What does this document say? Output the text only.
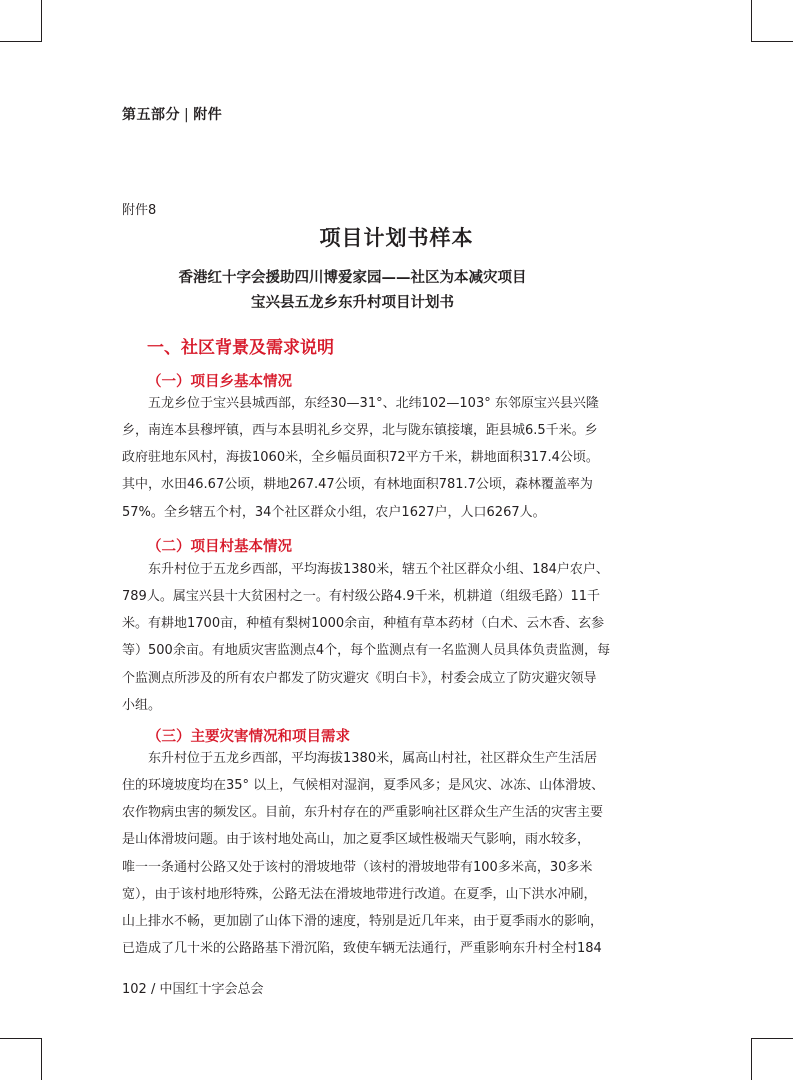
第五部分 | 附件
附件8
项目计划书样本
香港红十字会援助四川博爱家园——社区为本减灾项目
宝兴县五龙乡东升村项目计划书
一、社区背景及需求说明
（一）项目乡基本情况
　　五龙乡位于宝兴县城西部，东经30—31°、北纬102—103° 东邻原宝兴县兴隆
乡，南连本县穆坪镇，西与本县明礼乡交界，北与陇东镇接壤，距县城6.5千米。乡
政府驻地东风村，海拔1060米，全乡幅员面积72平方千米，耕地面积317.4公顷。
其中，水田46.67公顷，耕地267.47公顷，有林地面积781.7公顷，森林覆盖率为
57%。全乡辖五个村，34个社区群众小组，农户1627户，人口6267人。
（二）项目村基本情况
　　东升村位于五龙乡西部，平均海拔1380米，辖五个社区群众小组、184户农户、
789人。属宝兴县十大贫困村之一。有村级公路4.9千米，机耕道（组级毛路）11千
米。有耕地1700亩，种植有梨树1000余亩，种植有草本药材（白术、云木香、玄参
等）500余亩。有地质灾害监测点4个，每个监测点有一名监测人员具体负责监测，每
个监测点所涉及的所有农户都发了防灾避灾《明白卡》，村委会成立了防灾避灾领导
小组。
（三）主要灾害情况和项目需求
　　东升村位于五龙乡西部，平均海拔1380米，属高山村社，社区群众生产生活居
住的环境坡度均在35° 以上，气候相对湿润，夏季风多；是风灾、冰冻、山体滑坡、
农作物病虫害的频发区。目前，东升村存在的严重影响社区群众生产生活的灾害主要
是山体滑坡问题。由于该村地处高山，加之夏季区域性极端天气影响，雨水较多，
唯一一条通村公路又处于该村的滑坡地带（该村的滑坡地带有100多米高，30多米
宽），由于该村地形特殊，公路无法在滑坡地带进行改道。在夏季，山下洪水冲刷，
山上排水不畅，更加剧了山体下滑的速度，特别是近几年来，由于夏季雨水的影响，
已造成了几十米的公路路基下滑沉陷，致使车辆无法通行，严重影响东升村全村184
102 / 中国红十字会总会
